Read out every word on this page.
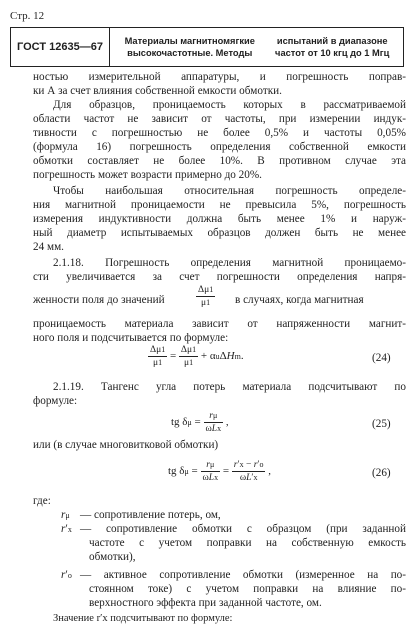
Стр. 12
ГОСТ 12635—67	Материалы магнитномягкие высокочастотные. Методы
испытаний в диапазоне частот от 10 кгц до 1 Мгц
ностью измерительной аппаратуры, и погрешность поправ-
ки А за счет влияния собственной емкости обмотки.
Для образцов, проницаемость которых в рассматриваемой
области частот не зависит от частоты, при измерении индук-
тивности с погрешностью не более 0,5% и частоты 0,05%
(формула 16) погрешность определения собственной емкости
обмотки составляет не более 10%. В противном случае эта
погрешность может возрасти примерно до 20%.
Чтобы наибольшая относительная погрешность определе-
ния магнитной проницаемости не превысила 5%, погрешность
измерения индуктивности должна быть менее 1% и наруж-
ный диаметр испытываемых образцов должен быть не менее
24 мм.
2.1.18. Погрешность определения магнитной проницаемо-
сти увеличивается за счет погрешности определения напря-
женности поля до значений	$\frac{\Delta\mu 1}{\mu 1}$ в случаях, когда магнитная
проницаемость материала зависит от напряженности магнит-
ного поля и подсчитывается по формуле:
$\frac{\Delta\mu 1}{\mu 1} = \frac{\Delta\mu 1}{\mu 1} + \alpha u\Delta Hm$.	(24)
2.1.19. Тангенс угла потерь материала подсчитывают по
формуле:
tg $\delta\mu = \frac{r\mu}{\text{ωLx}}$ ,	(25)
или (в случае многовитковой обмотки)
tg $\delta\mu = \frac{r\mu}{\text{ωLx}} = \frac{r'x - r'o}{\omega L'x}$ ,	(26)
где:
rμ — сопротивление потерь, ом,
r′x — сопротивление обмотки с образцом (при заданной
частоте с учетом поправки на собственную емкость
обмотки),
r′o — активное сопротивление обмотки (измеренное на по-
стоянном токе) с учетом поправки на влияние по-
верхностного эффекта при заданной частоте, ом.
Значение r′x подсчитывают по формуле:
